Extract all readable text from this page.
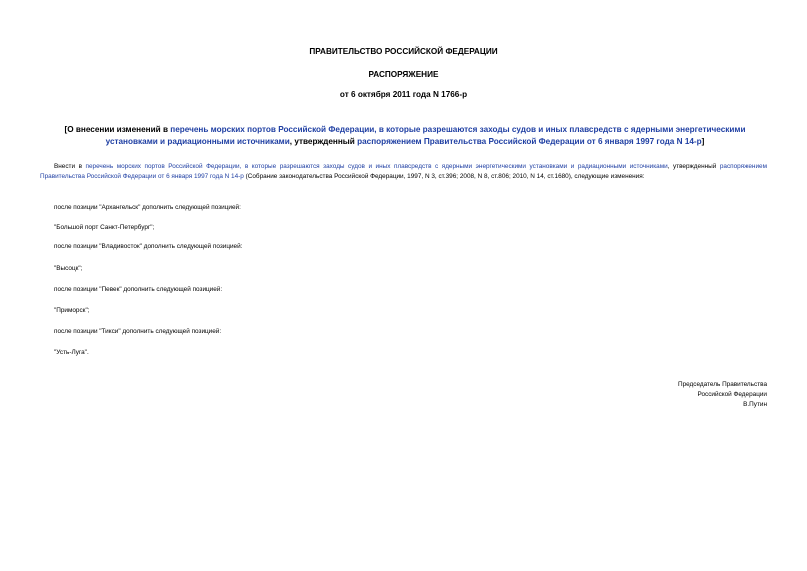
ПРАВИТЕЛЬСТВО РОССИЙСКОЙ ФЕДЕРАЦИИ
РАСПОРЯЖЕНИЕ
от 6 октября 2011 года N 1766-р
[О внесении изменений в перечень морских портов Российской Федерации, в которые разрешаются заходы судов и иных плавсредств с ядерными энергетическими установками и радиационными источниками, утвержденный распоряжением Правительства Российской Федерации от 6 января 1997 года N 14-р]
Внести в перечень морских портов Российской Федерации, в которые разрешаются заходы судов и иных плавсредств с ядерными энергетическими установками и радиационными источниками, утвержденный распоряжением Правительства Российской Федерации от 6 января 1997 года N 14-р (Собрание законодательства Российской Федерации, 1997, N 3, ст.396; 2008, N 8, ст.806; 2010, N 14, ст.1680), следующие изменения:
после позиции "Архангельск" дополнить следующей позицией:
"Большой порт Санкт-Петербург";
после позиции "Владивосток" дополнить следующей позицией:
"Высоцк";
после позиции "Певек" дополнить следующей позицией:
"Приморск";
после позиции "Тикси" дополнить следующей позицией:
"Усть-Луга".
Председатель Правительства
Российской Федерации
В.Путин
